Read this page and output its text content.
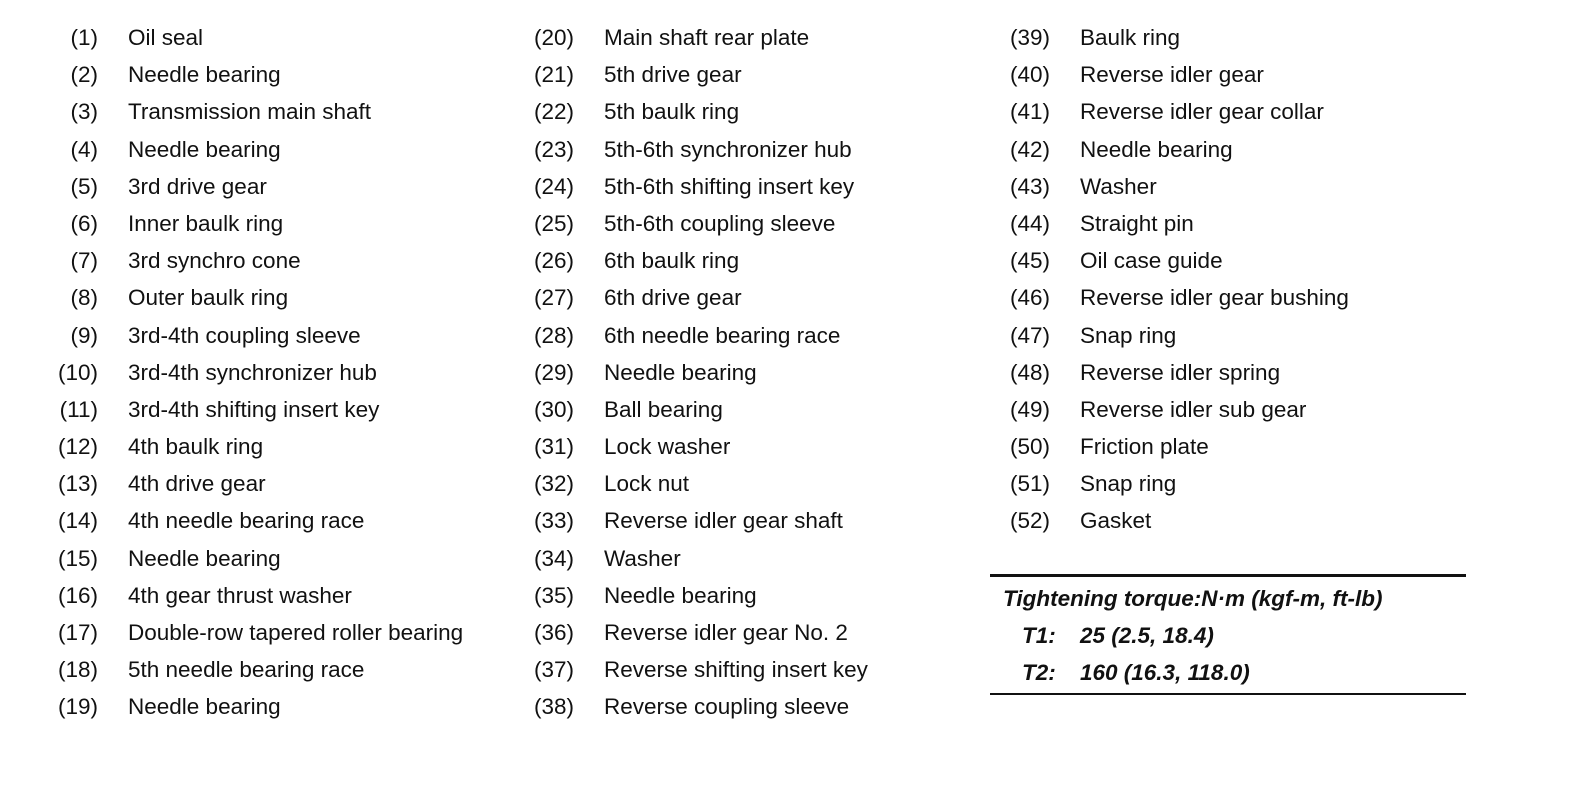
(1) Oil seal
(2) Needle bearing
(3) Transmission main shaft
(4) Needle bearing
(5) 3rd drive gear
(6) Inner baulk ring
(7) 3rd synchro cone
(8) Outer baulk ring
(9) 3rd-4th coupling sleeve
(10) 3rd-4th synchronizer hub
(11) 3rd-4th shifting insert key
(12) 4th baulk ring
(13) 4th drive gear
(14) 4th needle bearing race
(15) Needle bearing
(16) 4th gear thrust washer
(17) Double-row tapered roller bearing
(18) 5th needle bearing race
(19) Needle bearing
(20) Main shaft rear plate
(21) 5th drive gear
(22) 5th baulk ring
(23) 5th-6th synchronizer hub
(24) 5th-6th shifting insert key
(25) 5th-6th coupling sleeve
(26) 6th baulk ring
(27) 6th drive gear
(28) 6th needle bearing race
(29) Needle bearing
(30) Ball bearing
(31) Lock washer
(32) Lock nut
(33) Reverse idler gear shaft
(34) Washer
(35) Needle bearing
(36) Reverse idler gear No. 2
(37) Reverse shifting insert key
(38) Reverse coupling sleeve
(39) Baulk ring
(40) Reverse idler gear
(41) Reverse idler gear collar
(42) Needle bearing
(43) Washer
(44) Straight pin
(45) Oil case guide
(46) Reverse idler gear bushing
(47) Snap ring
(48) Reverse idler spring
(49) Reverse idler sub gear
(50) Friction plate
(51) Snap ring
(52) Gasket
Tightening torque:N·m (kgf-m, ft-lb)
T1: 25 (2.5, 18.4)
T2: 160 (16.3, 118.0)
